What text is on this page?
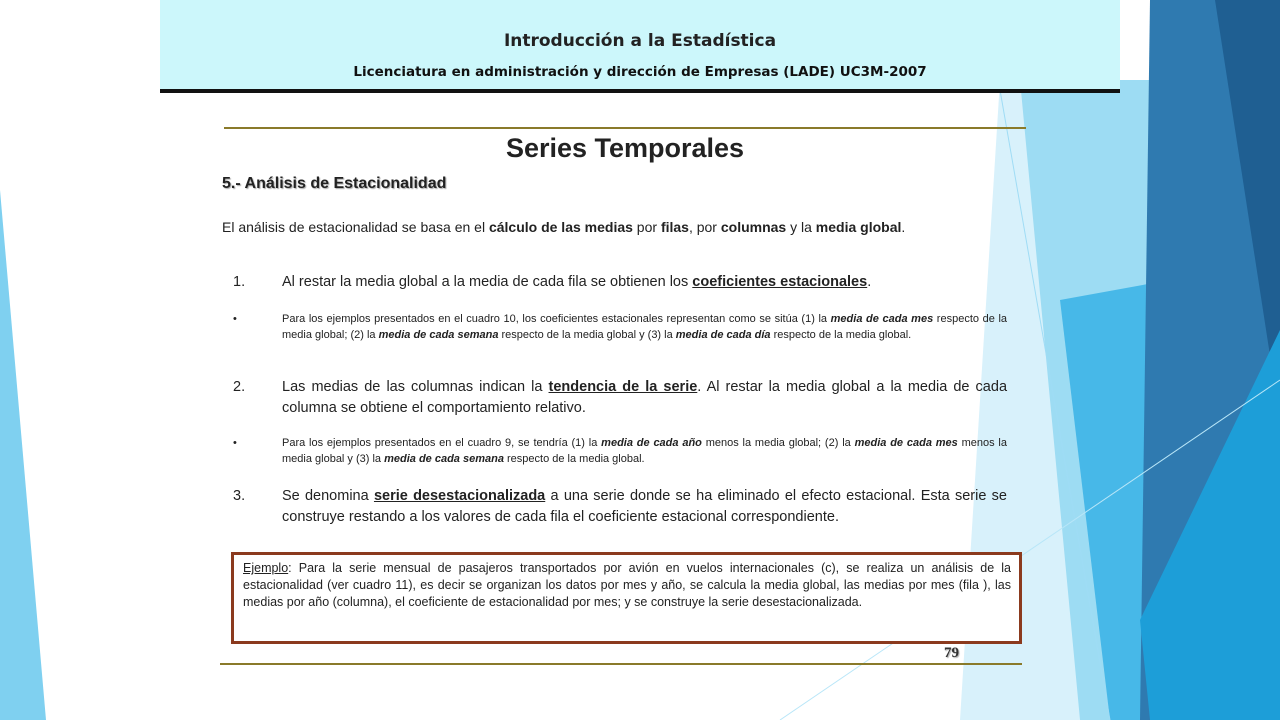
Introducción a la Estadística
Licenciatura en administración y dirección de Empresas (LADE) UC3M-2007
Series Temporales
5.- Análisis de Estacionalidad
El análisis de estacionalidad se basa en el cálculo de las medias por filas, por columnas y la media global.
1.	Al restar la media global a la media de cada fila se obtienen los coeficientes estacionales.
•	Para los ejemplos presentados en el cuadro 10, los coeficientes estacionales representan como se sitúa (1) la media de cada mes respecto de la media global; (2) la media de cada semana respecto de la media global y (3) la media de cada día respecto de la media global.
2.	Las medias de las columnas indican la tendencia de la serie. Al restar la media global a la media de cada columna se obtiene el comportamiento relativo.
•	Para los ejemplos presentados en el cuadro 9, se tendría (1) la media de cada año menos la media global; (2) la media de cada mes menos la media global y (3) la media de cada semana respecto de la media global.
3.	Se denomina serie desestacionalizada a una serie donde se ha eliminado el efecto estacional. Esta serie se construye restando a los valores de cada fila el coeficiente estacional correspondiente.
Ejemplo: Para la serie mensual de pasajeros transportados por avión en vuelos internacionales (c), se realiza un análisis de la estacionalidad (ver cuadro 11), es decir se organizan los datos por mes y año, se calcula la media global, las medias por mes (fila ), las medias por año (columna), el coeficiente de estacionalidad por mes; y se construye la serie desestacionalizada.
79
